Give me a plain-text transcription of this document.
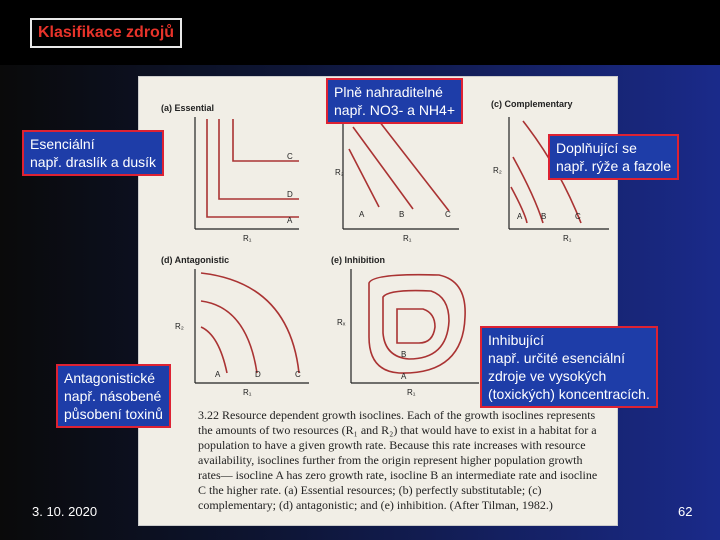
Klasifikace zdrojů
(a) Essential
C
D
A
R₁
R₂
A	B	C
R₁
(c) Complementary
R₂
A B	C
R₁
(d) Antagonistic
R₂
A	D	C
R₁
(e) Inhibition
Rₓ
B
A
R₁
3.22 Resource dependent growth isoclines. Each of the growth isoclines represents the amounts of two resources (R₁ and R₂) that would have to exist in a habitat for a population to have a given growth rate. Because this rate increases with resource availability, isoclines further from the origin represent higher population growth rates— isocline A has zero growth rate, isocline B an intermediate rate and isocline C the higher rate. (a) Essential resources; (b) perfectly substitutable; (c) complementary; (d) antagonistic; and (e) inhibition. (After Tilman, 1982.)
Plně nahraditelné
např. NO3- a NH4+
Esenciální
např. draslík a dusík
Doplňující se
např. rýže a fazole
Antagonistické
např. násobené
působení toxinů
Inhibující
např. určité esenciální
zdroje ve vysokých
(toxických) koncentracích.
3. 10. 2020	62
